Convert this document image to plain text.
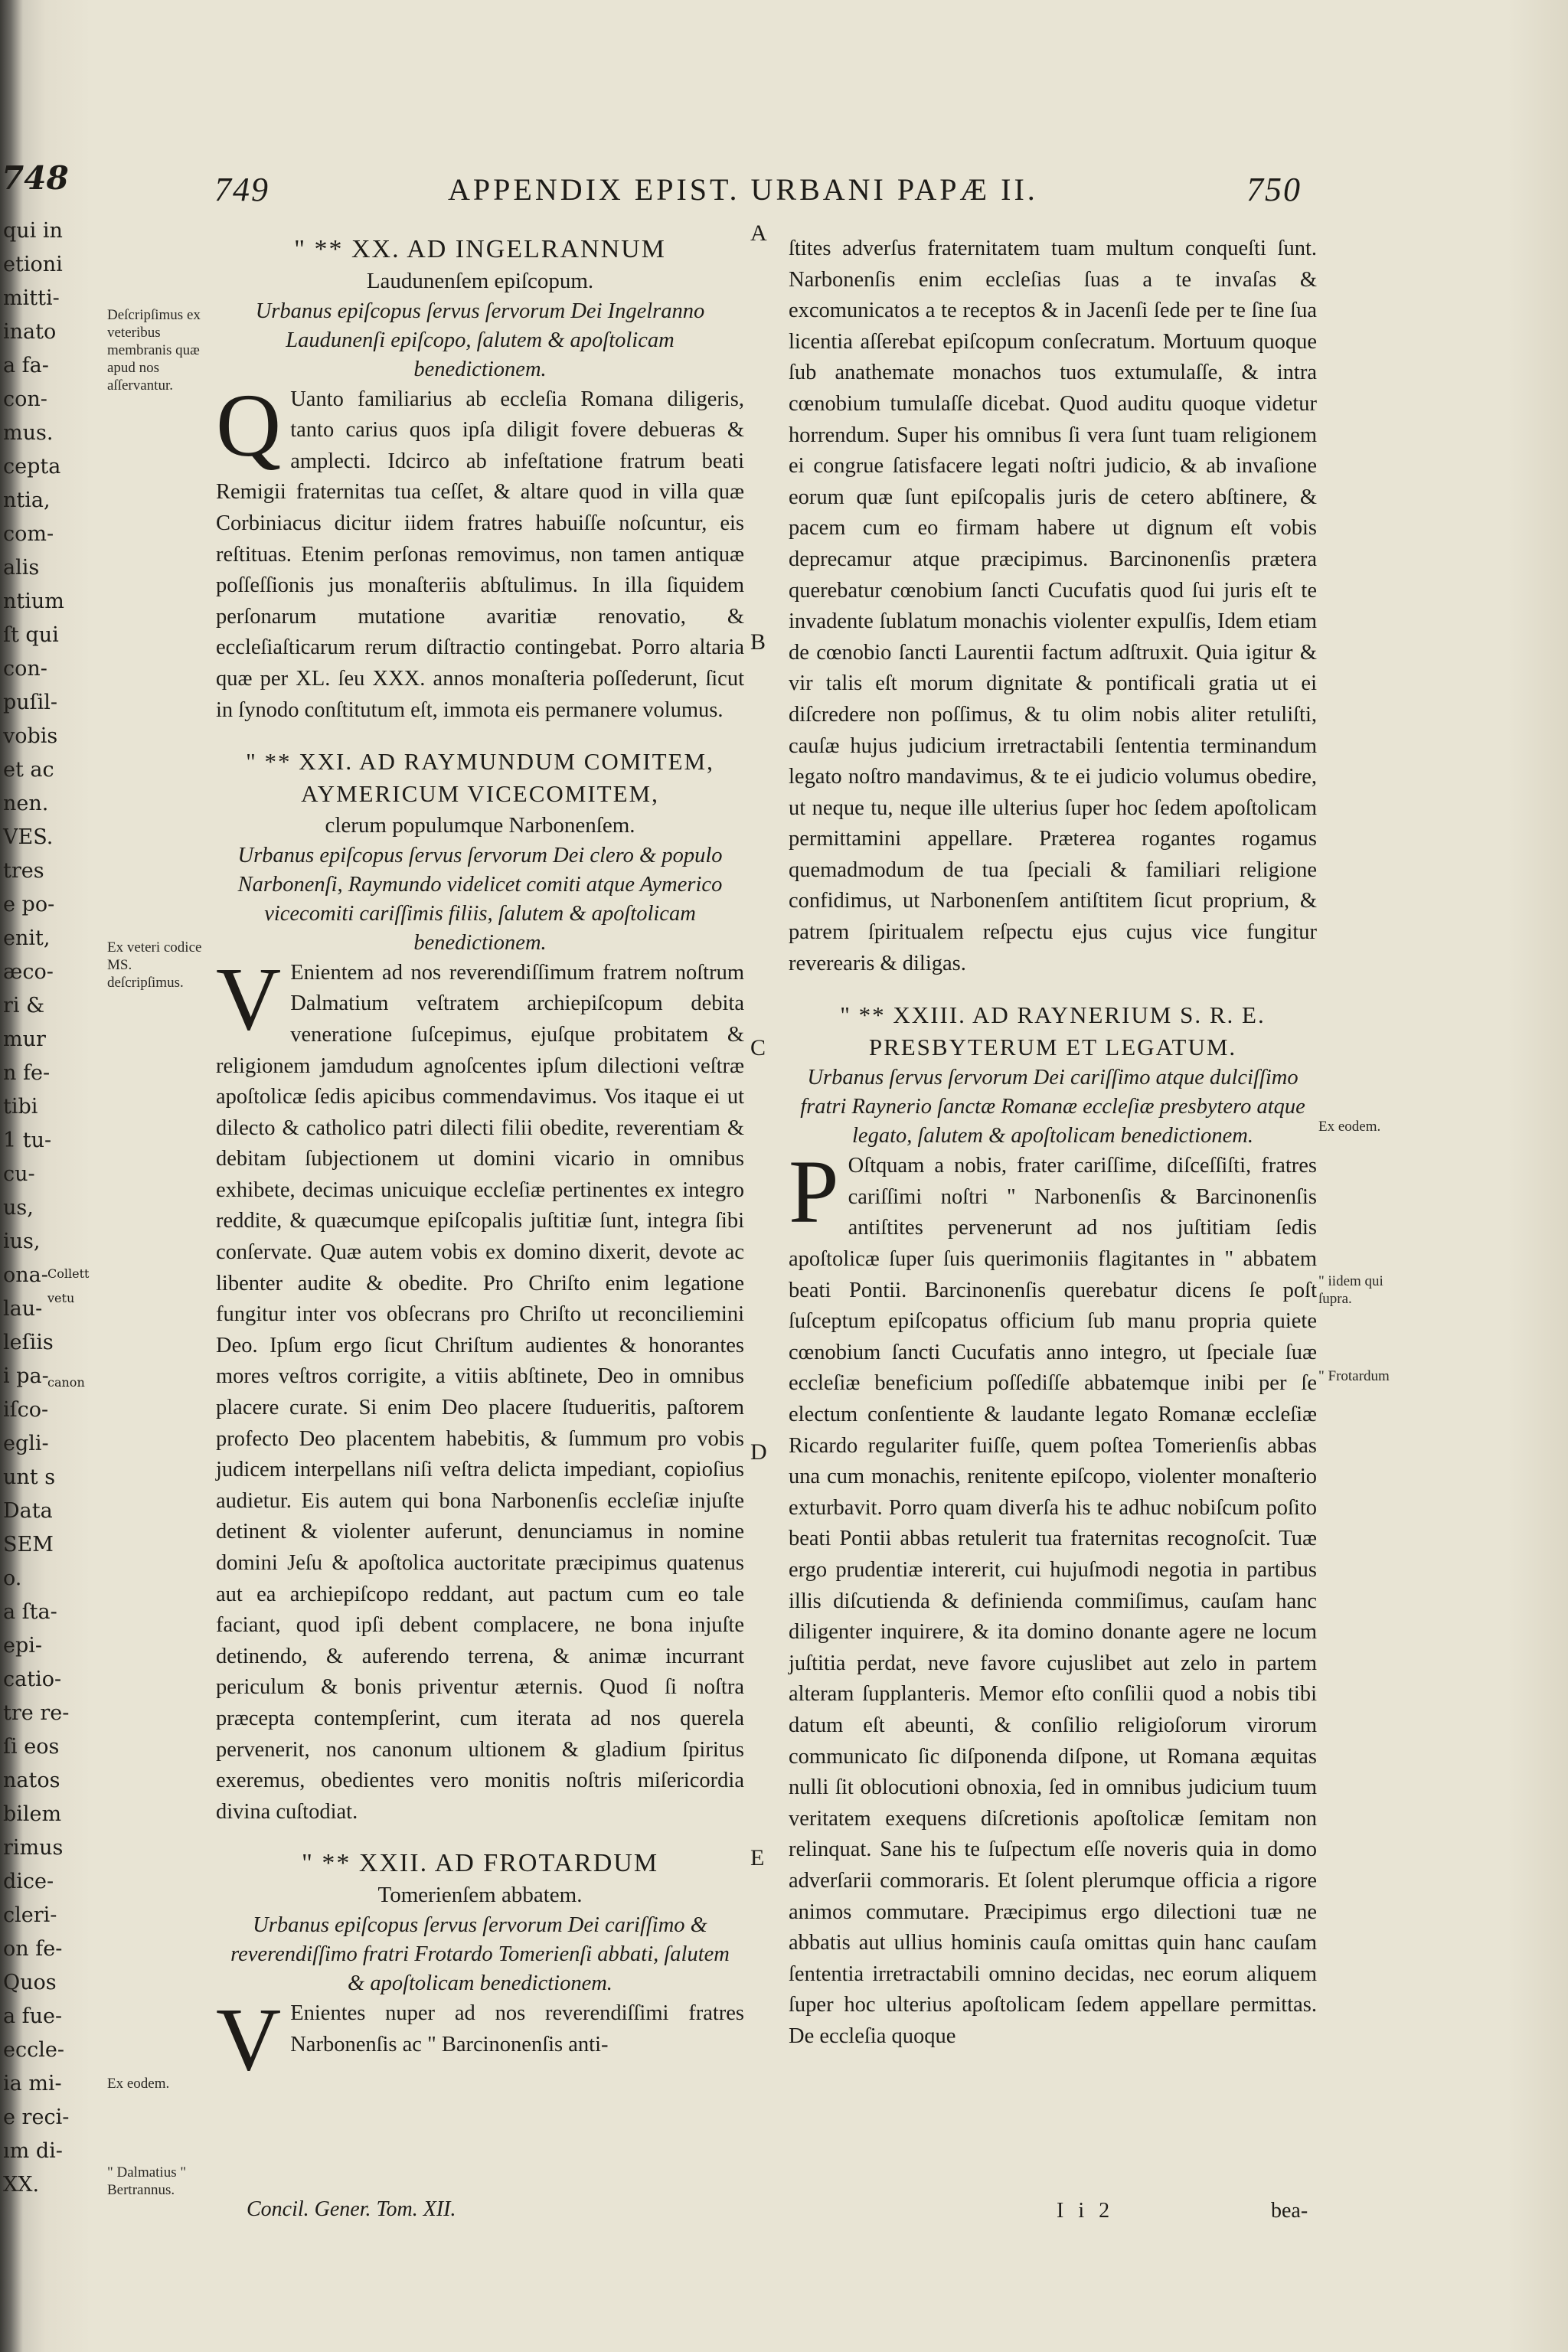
748
qui in
etioni
mitti-
inato
a fa-
con-
mus.
cepta
ntia,
com-
alis
ntium
ſt qui
con-
puſil-
vobis
et ac
nen.
VES.
tres
e po-
enit,
æco-
ri &
mur
n fe-
tibi
1 tu-
cu-
us,
ius,
ona-
lau-
leſiis
i pa-
iſco-
egli-
unt s
Data
SEM
o.
a ſta-
epi-
catio-
tre re-
ſi eos
natos
bilem
rimus
dice-
cleri-
on fe-
Quos
a fue-
eccle-
ia mi-
e reci-
ım di-
XX.
Collett
vetu
canon
749	APPENDIX EPIST. URBANI PAPÆ II.	750

" ** XX. AD INGELRANNUM

Laudunenſem epiſcopum.

Urbanus epiſcopus ſervus ſervorum Dei Ingelranno Laudunenſi epiſcopo, ſalutem & apoſtolicam benedictionem.

Q Uanto familiarius ab eccleſia Romana diligeris, tanto carius quos ipſa diligit fovere debueras & amplecti. Idcirco ab infeſtatione fratrum beati Remigii fraternitas tua ceſſet, & altare quod in villa quæ Corbiniacus dicitur iidem fratres habuiſſe noſcuntur, eis reſtituas. Etenim perſonas removimus, non tamen antiquæ poſſeſſionis jus monaſteriis abſtulimus. In illa ſiquidem perſonarum mutatione avaritiæ renovatio, & eccleſiaſticarum rerum diſtractio contingebat. Porro altaria quæ per XL. ſeu XXX. annos monaſteria poſſederunt, ſicut in ſynodo conſtitutum eſt, immota eis permanere volumus.

" ** XXI. AD RAYMUNDUM COMITEM, AYMERICUM VICECOMITEM,

clerum populumque Narbonenſem.

Urbanus epiſcopus ſervus ſervorum Dei clero & populo Narbonenſi, Raymundo videlicet comiti atque Aymerico vicecomiti cariſſimis filiis, ſalutem & apoſtolicam benedictionem.

V Enientem ad nos reverendiſſimum fratrem noſtrum Dalmatium veſtratem archiepiſcopum debita veneratione ſuſcepimus, ejuſque probitatem & religionem jamdudum agnoſcentes ipſum dilectioni veſtræ apoſtolicæ ſedis apicibus commendavimus. Vos itaque ei ut dilecto & catholico patri dilecti filii obedite, reverentiam & debitam ſubjectionem ut domini vicario in omnibus exhibete, decimas unicuique eccleſiæ pertinentes ex integro reddite, & quæcumque epiſcopalis juſtitiæ ſunt, integra ſibi conſervate. Quæ autem vobis ex domino dixerit, devote ac libenter audite & obedite. Pro Chriſto enim legatione fungitur inter vos obſecrans pro Chriſto ut reconciliemini Deo. Ipſum ergo ſicut Chriſtum audientes & honorantes mores veſtros corrigite, a vitiis abſtinete, Deo in omnibus placere curate. Si enim Deo placere ſtudueritis, paſtorem profecto Deo placentem habebitis, & ſummum pro vobis judicem interpellans niſi veſtra delicta impediant, copioſius audietur. Eis autem qui bona Narbonenſis eccleſiæ injuſte detinent & violenter auferunt, denunciamus in nomine domini Jeſu & apoſtolica auctoritate præcipimus quatenus aut ea archiepiſcopo reddant, aut pactum cum eo tale faciant, quod ipſi debent complacere, ne bona injuſte detinendo, & auferendo terrena, & animæ incurrant periculum & bonis priventur æternis. Quod ſi noſtra præcepta contempſerint, cum iterata ad nos querela pervenerit, nos canonum ultionem & gladium ſpiritus exeremus, obedientes vero monitis noſtris miſericordia divina cuſtodiat.

" ** XXII. AD FROTARDUM

Tomerienſem abbatem.

Urbanus epiſcopus ſervus ſervorum Dei cariſſimo & reverendiſſimo fratri Frotardo Tomerienſi abbati, ſalutem & apoſtolicam benedictionem.

V Enientes nuper ad nos reverendiſſimi fratres Narbonenſis ac " Barcinonenſis anti-

Concil. Gener. Tom. XII.

ſtites adverſus fraternitatem tuam multum conqueſti ſunt. Narbonenſis enim eccleſias ſuas a te invaſas & excomunicatos a te receptos & in Jacenſi ſede per te ſine ſua licentia aſſerebat epiſcopum conſecratum. Mortuum quoque ſub anathemate monachos tuos extumulaſſe, & intra cœnobium tumulaſſe dicebat. Quod auditu quoque videtur horrendum. Super his omnibus ſi vera ſunt tuam religionem ei congrue ſatisfacere legati noſtri judicio, & ab invaſione eorum quæ ſunt epiſcopalis juris de cetero abſtinere, & pacem cum eo firmam habere ut dignum eſt vobis deprecamur atque præcipimus. Barcinonenſis prætera querebatur cœnobium ſancti Cucufatis quod ſui juris eſt te invadente ſublatum monachis violenter expulſis, Idem etiam de cœnobio ſancti Laurentii factum adſtruxit. Quia igitur & vir talis eſt morum dignitate & pontificali gratia ut ei diſcredere non poſſimus, & tu olim nobis aliter retuliſti, cauſæ hujus judicium irretractabili ſententia terminandum legato noſtro mandavimus, & te ei judicio volumus obedire, ut neque tu, neque ille ulterius ſuper hoc ſedem apoſtolicam permittamini appellare. Præterea rogantes rogamus quemadmodum de tua ſpeciali & familiari religione confidimus, ut Narbonenſem antiſtitem ſicut proprium, & patrem ſpiritualem reſpectu ejus cujus vice fungitur reverearis & diligas.

" ** XXIII. AD RAYNERIUM S. R. E. PRESBYTERUM ET LEGATUM.

Urbanus ſervus ſervorum Dei cariſſimo atque dulciſſimo fratri Raynerio ſanctæ Romanæ eccleſiæ presbytero atque legato, ſalutem & apoſtolicam benedictionem.

P Oſtquam a nobis, frater cariſſime, diſceſſiſti, fratres cariſſimi noſtri " Narbonenſis & Barcinonenſis antiſtites pervenerunt ad nos juſtitiam ſedis apoſtolicæ ſuper ſuis querimoniis flagitantes in " abbatem beati Pontii. Barcinonenſis querebatur dicens ſe poſt ſuſceptum epiſcopatus officium ſub manu propria quiete cœnobium ſancti Cucufatis anno integro, ut ſpeciale ſuæ eccleſiæ beneficium poſſediſſe abbatemque inibi per ſe electum conſentiente & laudante legato Romanæ eccleſiæ Ricardo regulariter fuiſſe, quem poſtea Tomerienſis abbas una cum monachis, renitente epiſcopo, violenter monaſterio exturbavit. Porro quam diverſa his te adhuc nobiſcum poſito beati Pontii abbas retulerit tua fraternitas recognoſcit. Tuæ ergo prudentiæ intererit, cui hujuſmodi negotia in partibus illis diſcutienda & definienda commiſimus, cauſam hanc diligenter inquirere, & ita domino donante agere ne locum juſtitia perdat, neve favore cujuslibet aut zelo in partem alteram ſupplanteris. Memor eſto conſilii quod a nobis tibi datum eſt abeunti, & conſilio religioſorum virorum communicato ſic diſponenda diſpone, ut Romana æquitas nulli ſit oblocutioni obnoxia, ſed in omnibus judicium tuum veritatem exequens diſcretionis apoſtolicæ ſemitam non relinquat. Sane his te ſuſpectum eſſe noveris quia in domo adverſarii commoraris. Et ſolent plerumque officia a rigore animos commutare. Præcipimus ergo dilectioni tuæ ne abbatis aut ullius hominis cauſa omittas quin hanc cauſam ſententia irretractabili omnino decidas, nec eorum aliquem ſuper hoc ulterius apoſtolicam ſedem appellare permittas. De eccleſia quoque

I i 2	bea-
Deſcripſimus ex veteribus membranis quæ apud nos aſſervantur.
Ex veteri codice MS. deſcripſimus.
Ex eodem.
" Dalmatius " Bertrannus.
Ex eodem.
" iidem qui ſupra.
" Frotardum
A
B
C
D
E
